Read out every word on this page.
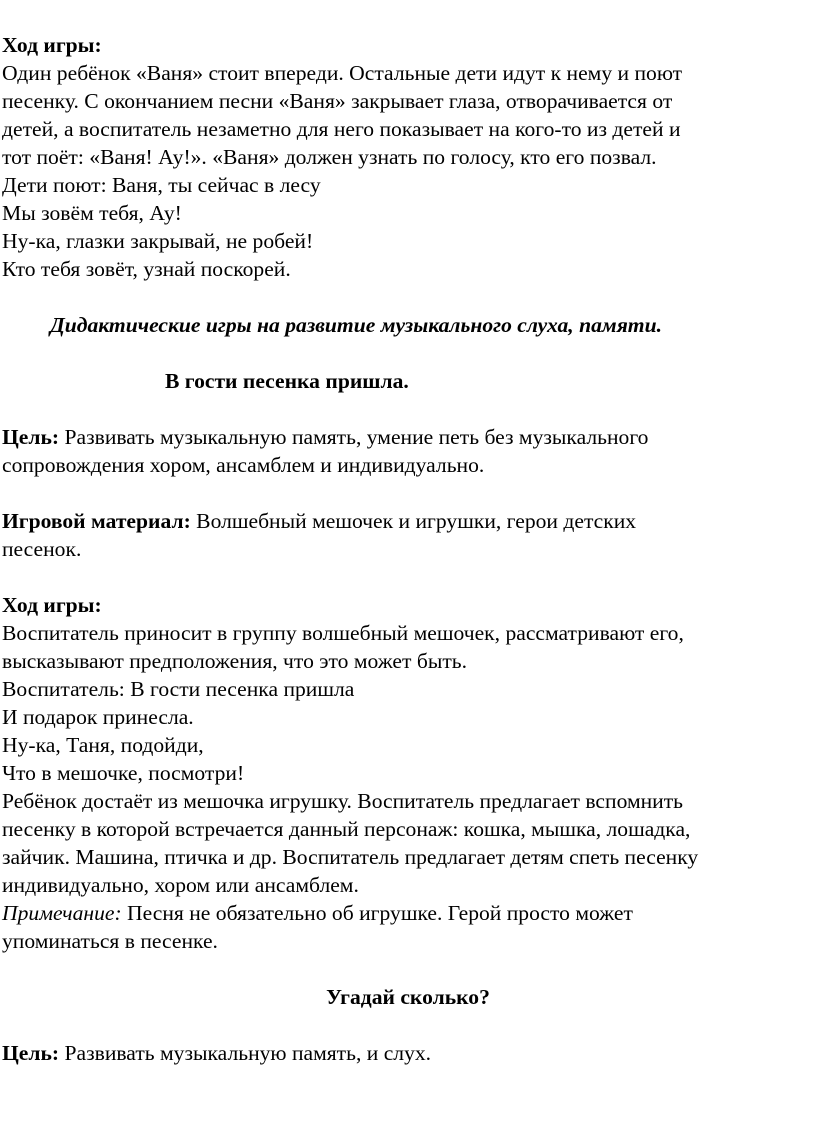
Ход игры:

Один ребёнок «Ваня» стоит впереди. Остальные дети идут к нему и поют

песенку. С окончанием песни «Ваня» закрывает глаза, отворачивается от

детей, а воспитатель незаметно для него показывает на кого-то из детей и

тот поёт: «Ваня! Ау!». «Ваня» должен узнать по голосу, кто его позвал.

Дети поют: Ваня, ты сейчас в лесу

Мы зовём тебя, Ау!

Ну-ка, глазки закрывай, не робей!

Кто тебя зовёт, узнай поскорей.

Дидактические игры на развитие музыкального слуха, памяти.

В гости песенка пришла.

Цель: Развивать музыкальную память, умение петь без музыкального

сопровождения хором, ансамблем и индивидуально.

Игровой материал: Волшебный мешочек и игрушки, герои детских

песенок.

Ход игры:

Воспитатель приносит в группу волшебный мешочек, рассматривают его,

высказывают предположения, что это может быть.

Воспитатель: В гости песенка пришла

И подарок принесла.

Ну-ка, Таня, подойди,

Что в мешочке, посмотри!

Ребёнок достаёт из мешочка игрушку. Воспитатель предлагает вспомнить

песенку в которой встречается данный персонаж: кошка, мышка, лошадка,

зайчик. Машина, птичка и др. Воспитатель предлагает детям спеть песенку

индивидуально, хором или ансамблем.

Примечание: Песня не обязательно об игрушке. Герой просто может

упоминаться в песенке.

Угадай сколько?

Цель: Развивать музыкальную память, и слух.
